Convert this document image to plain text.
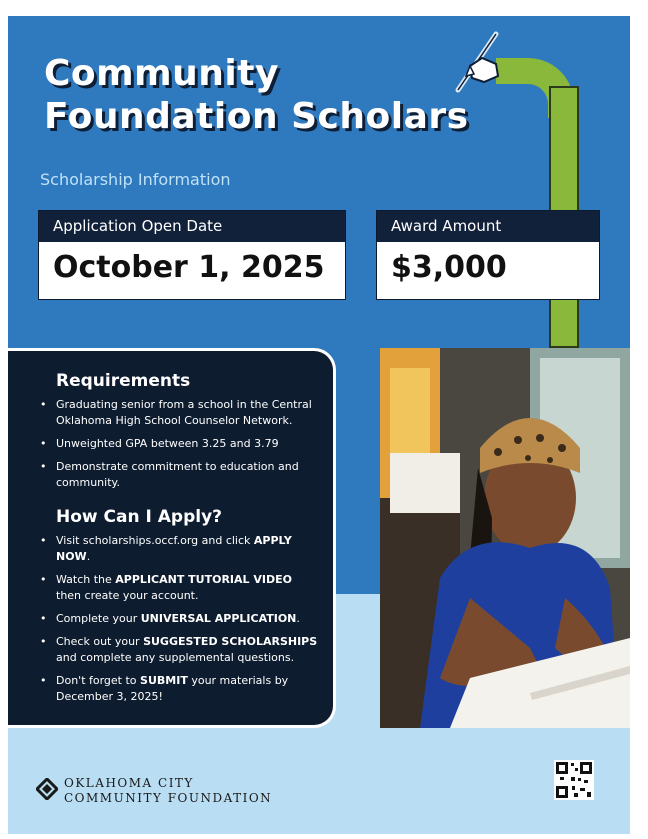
Community
Foundation Scholars
Scholarship Information
Application Open Date
October 1, 2025
Award Amount
$3,000
Requirements
• Graduating senior from a school in the Central Oklahoma High School Counselor Network.
• Unweighted GPA between 3.25 and 3.79
• Demonstrate commitment to education and community.
How Can I Apply?
• Visit scholarships.occf.org and click APPLY NOW.
• Watch the APPLICANT TUTORIAL VIDEO then create your account.
• Complete your UNIVERSAL APPLICATION.
• Check out your SUGGESTED SCHOLARSHIPS and complete any supplemental questions.
• Don't forget to SUBMIT your materials by December 3, 2025!
OKLAHOMA CITY
COMMUNITY FOUNDATION
